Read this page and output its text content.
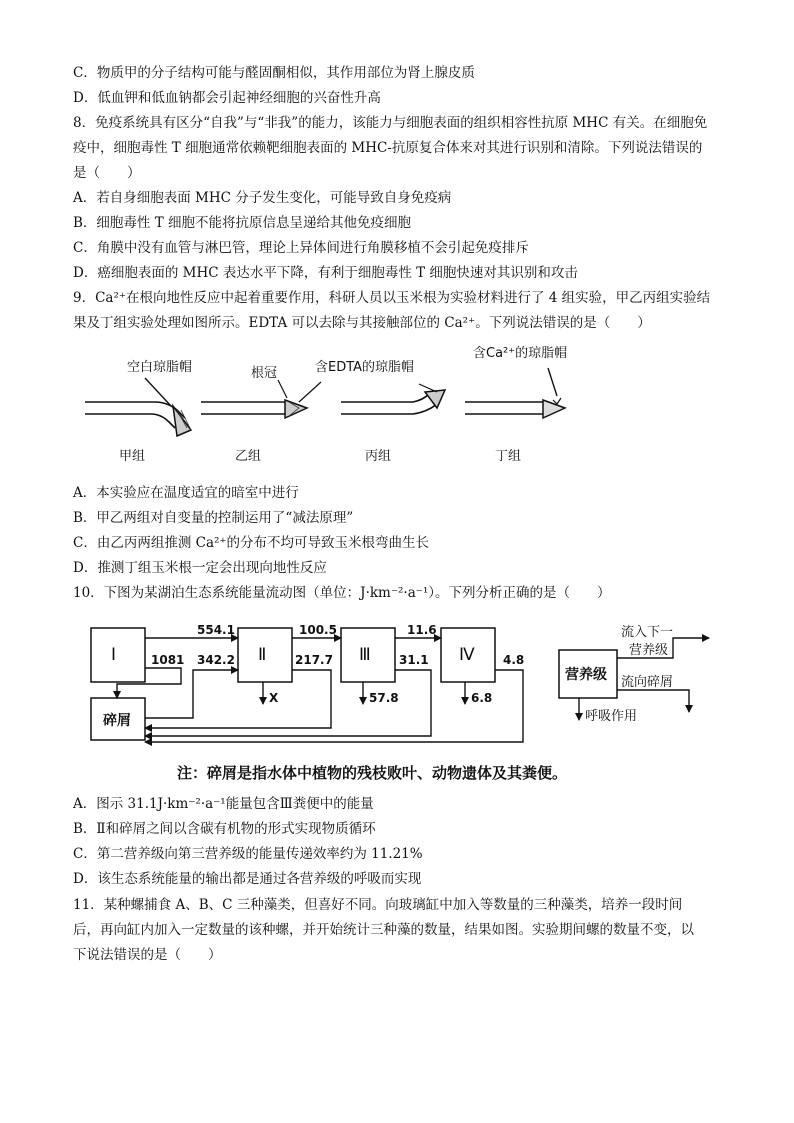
C．物质甲的分子结构可能与醛固酮相似，其作用部位为肾上腺皮质
D．低血钾和低血钠都会引起神经细胞的兴奋性升高
8．免疫系统具有区分“自我”与“非我”的能力，该能力与细胞表面的组织相容性抗原 MHC 有关。在细胞免
疫中，细胞毒性 T 细胞通常依赖靶细胞表面的 MHC-抗原复合体来对其进行识别和清除。下列说法错误的
是（　　）
A．若自身细胞表面 MHC 分子发生变化，可能导致自身免疫病
B．细胞毒性 T 细胞不能将抗原信息呈递给其他免疫细胞
C．角膜中没有血管与淋巴管，理论上异体间进行角膜移植不会引起免疫排斥
D．癌细胞表面的 MHC 表达水平下降，有利于细胞毒性 T 细胞快速对其识别和攻击
9．Ca²⁺在根向地性反应中起着重要作用，科研人员以玉米根为实验材料进行了 4 组实验，甲乙丙组实验结
果及丁组实验处理如图所示。EDTA 可以去除与其接触部位的 Ca²⁺。下列说法错误的是（　　）
空白琼脂帽
甲组
根冠	含EDTA的琼脂帽
乙组	丙组
含Ca²⁺的琼脂帽
丁组
A．本实验应在温度适宜的暗室中进行
B．甲乙两组对自变量的控制运用了“减法原理”
C．由乙丙两组推测 Ca²⁺的分布不均可导致玉米根弯曲生长
D．推测丁组玉米根一定会出现向地性反应
10．下图为某湖泊生态系统能量流动图（单位：J·km⁻²·a⁻¹）。下列分析正确的是（　　）
Ⅰ
碎屑
Ⅱ	Ⅲ	Ⅳ
营养级
554.1
1081 342.2
100.5
217.7
X
11.6
31.1
57.8
4.8
6.8
流入下一
营养级
流向碎屑
呼吸作用
注：碎屑是指水体中植物的残枝败叶、动物遗体及其粪便。
A．图示 31.1J·km⁻²·a⁻¹能量包含Ⅲ粪便中的能量
B．Ⅱ和碎屑之间以含碳有机物的形式实现物质循环
C．第二营养级向第三营养级的能量传递效率约为 11.21%
D．该生态系统能量的输出都是通过各营养级的呼吸而实现
11．某种螺捕食 A、B、C 三种藻类，但喜好不同。向玻璃缸中加入等数量的三种藻类，培养一段时间
后，再向缸内加入一定数量的该种螺，并开始统计三种藻的数量，结果如图。实验期间螺的数量不变，以
下说法错误的是（　　）
